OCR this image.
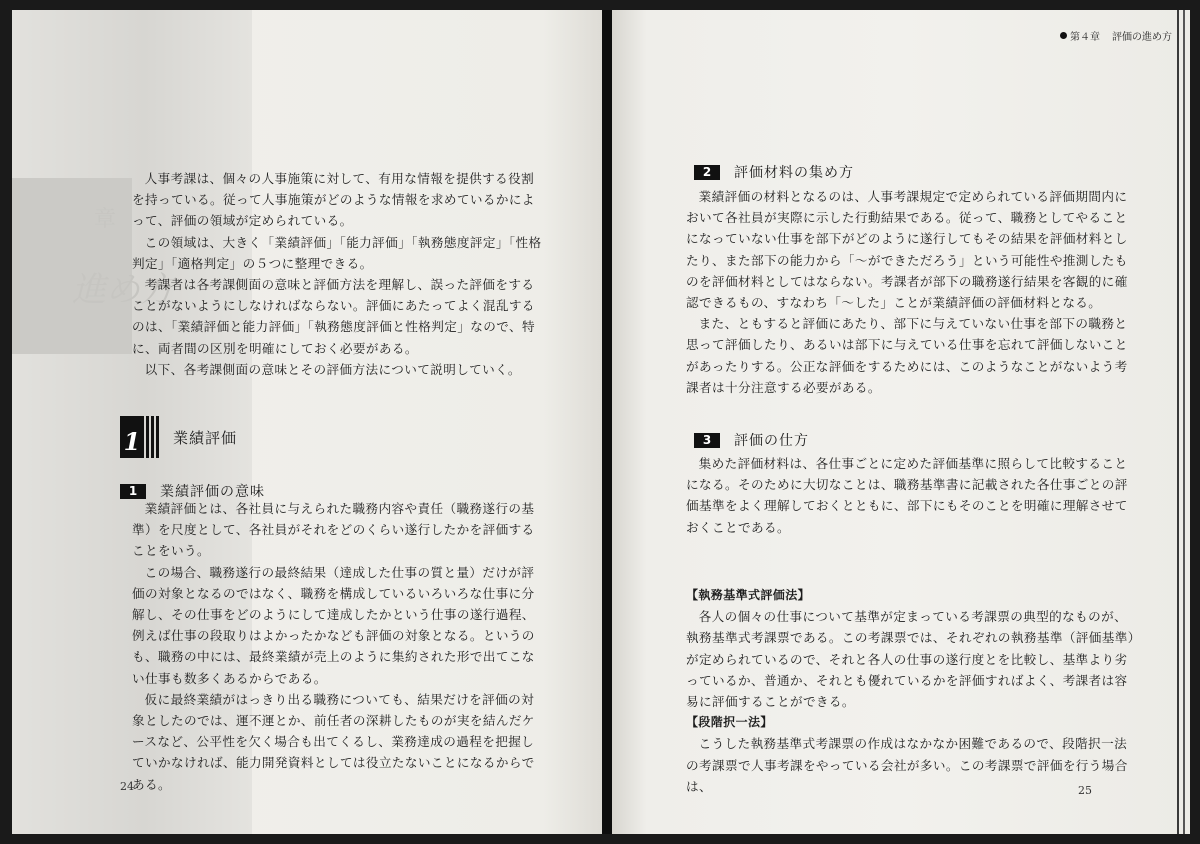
章
進め方

人事考課は、個々の人事施策に対して、有用な情報を提供する役割を持っている。従って人事施策がどのような情報を求めているかによって、評価の領域が定められている。

この領域は、大きく「業績評価」「能力評価」「執務態度評定」「性格判定」「適格判定」の５つに整理できる。

考課者は各考課側面の意味と評価方法を理解し、誤った評価をすることがないようにしなければならない。評価にあたってよく混乱するのは、「業績評価と能力評価」「執務態度評価と性格判定」なので、特に、両者間の区別を明確にしておく必要がある。

以下、各考課側面の意味とその評価方法について説明していく。

1 業績評価
1	業績評価の意味

業績評価とは、各社員に与えられた職務内容や責任（職務遂行の基準）を尺度として、各社員がそれをどのくらい遂行したかを評価することをいう。

この場合、職務遂行の最終結果（達成した仕事の質と量）だけが評価の対象となるのではなく、職務を構成しているいろいろな仕事に分解し、その仕事をどのようにして達成したかという仕事の遂行過程、例えば仕事の段取りはよかったかなども評価の対象となる。というのも、職務の中には、最終業績が売上のように集約された形で出てこない仕事も数多くあるからである。

仮に最終業績がはっきり出る職務についても、結果だけを評価の対象としたのでは、運不運とか、前任者の深耕したものが実を結んだケースなど、公平性を欠く場合も出てくるし、業務達成の過程を把握していかなければ、能力開発資料としては役立たないことになるからである。

24
第４章 評価の進め方
2	評価材料の集め方

業績評価の材料となるのは、人事考課規定で定められている評価期間内において各社員が実際に示した行動結果である。従って、職務としてやることになっていない仕事を部下がどのように遂行してもその結果を評価材料としたり、また部下の能力から「～ができただろう」という可能性や推測したものを評価材料としてはならない。考課者が部下の職務遂行結果を客観的に確認できるもの、すなわち「～した」ことが業績評価の評価材料となる。

また、ともすると評価にあたり、部下に与えていない仕事を部下の職務と思って評価したり、あるいは部下に与えている仕事を忘れて評価しないことがあったりする。公正な評価をするためには、このようなことがないよう考課者は十分注意する必要がある。

3	評価の仕方

集めた評価材料は、各仕事ごとに定めた評価基準に照らして比較することになる。そのために大切なことは、職務基準書に記載された各仕事ごとの評価基準をよく理解しておくとともに、部下にもそのことを明確に理解させておくことである。

【執務基準式評価法】

各人の個々の仕事について基準が定まっている考課票の典型的なものが、執務基準式考課票である。この考課票では、それぞれの執務基準（評価基準）が定められているので、それと各人の仕事の遂行度とを比較し、基準より劣っているか、普通か、それとも優れているかを評価すればよく、考課者は容易に評価することができる。

【段階択一法】

こうした執務基準式考課票の作成はなかなか困難であるので、段階択一法の考課票で人事考課をやっている会社が多い。この考課票で評価を行う場合は、	25
